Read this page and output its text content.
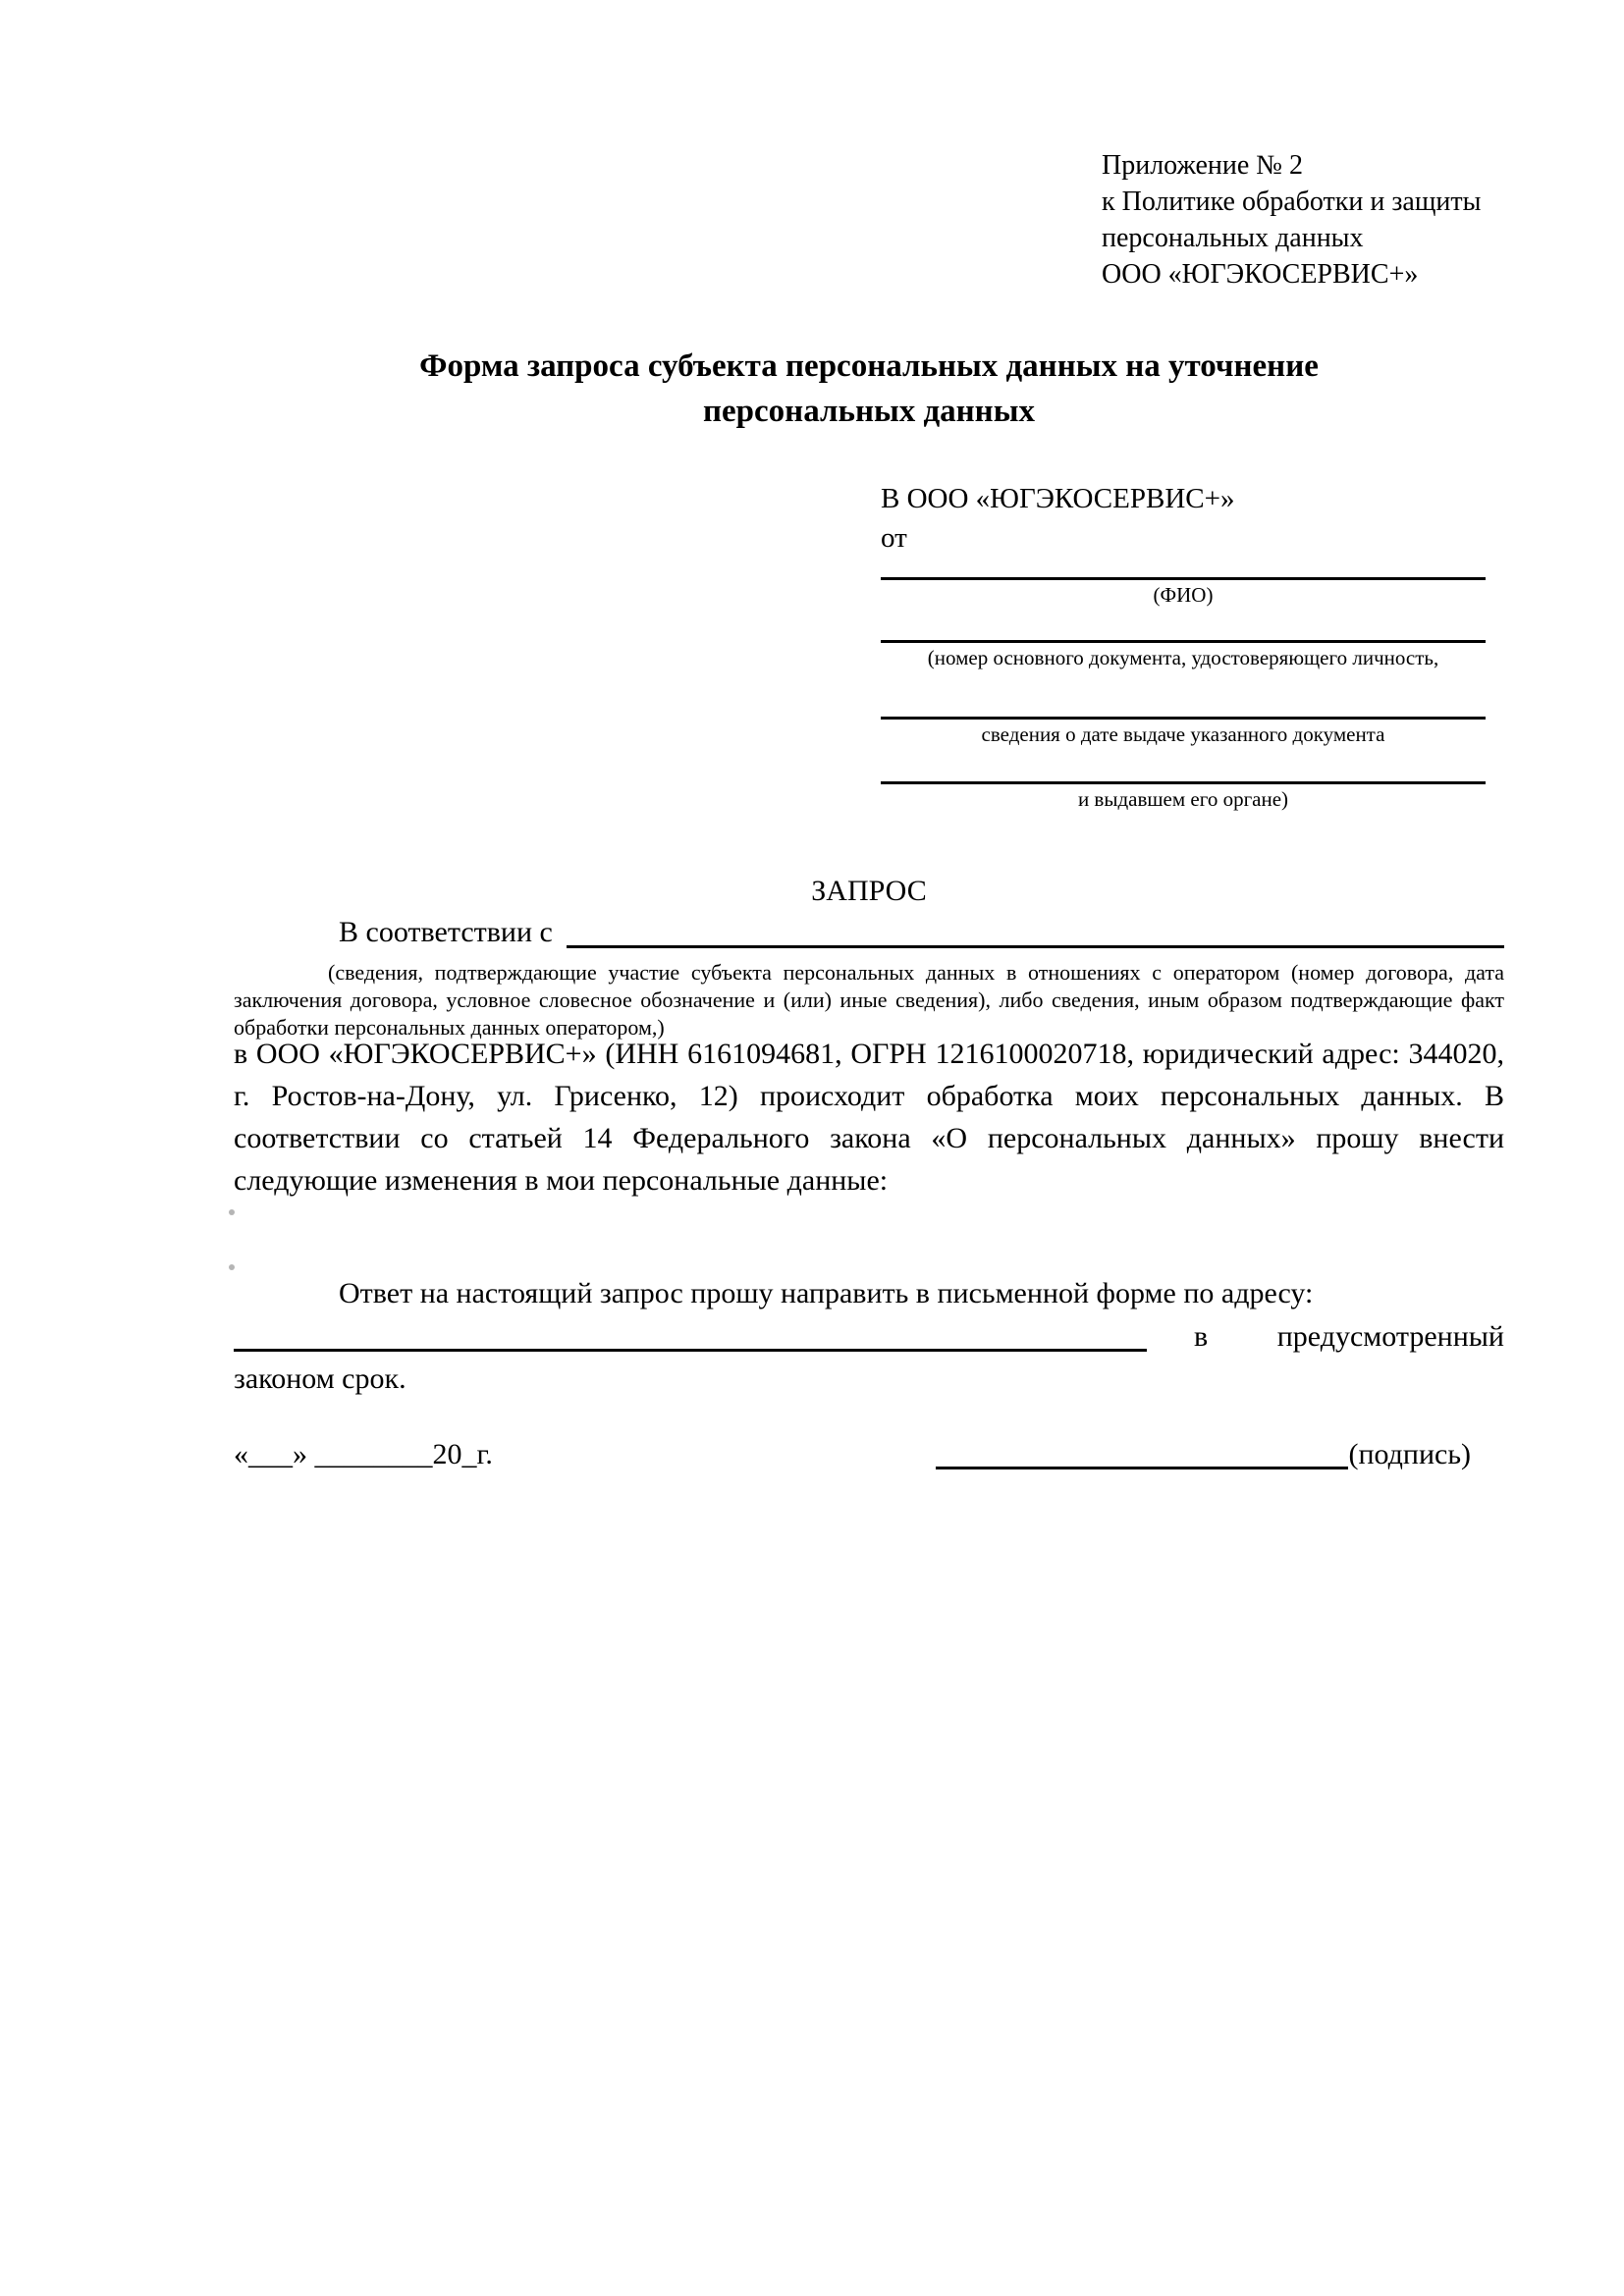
Приложение № 2
к Политике обработки и защиты
персональных данных
ООО «ЮГЭКОСЕРВИС+»
Форма запроса субъекта персональных данных на уточнение
персональных данных
В ООО «ЮГЭКОСЕРВИС+»
от
(ФИО)
(номер основного документа, удостоверяющего личность,
сведения о дате выдаче указанного документа
и выдавшем его органе)
ЗАПРОС
В соответствии с
(сведения, подтверждающие участие субъекта персональных данных в отношениях с оператором (номер договора, дата заключения договора, условное словесное обозначение и (или) иные сведения), либо сведения, иным образом подтверждающие факт обработки персональных данных оператором,)
в ООО «ЮГЭКОСЕРВИС+» (ИНН 6161094681, ОГРН 1216100020718, юридический адрес: 344020, г. Ростов-на-Дону, ул. Грисенко, 12) происходит обработка моих персональных данных. В соответствии со статьей 14 Федерального закона «О персональных данных» прошу внести следующие изменения в мои персональные данные:
Ответ на настоящий запрос прошу направить в письменной форме по адресу:
в предусмотренный
законом срок.
«___» ________20_г.	(подпись)
